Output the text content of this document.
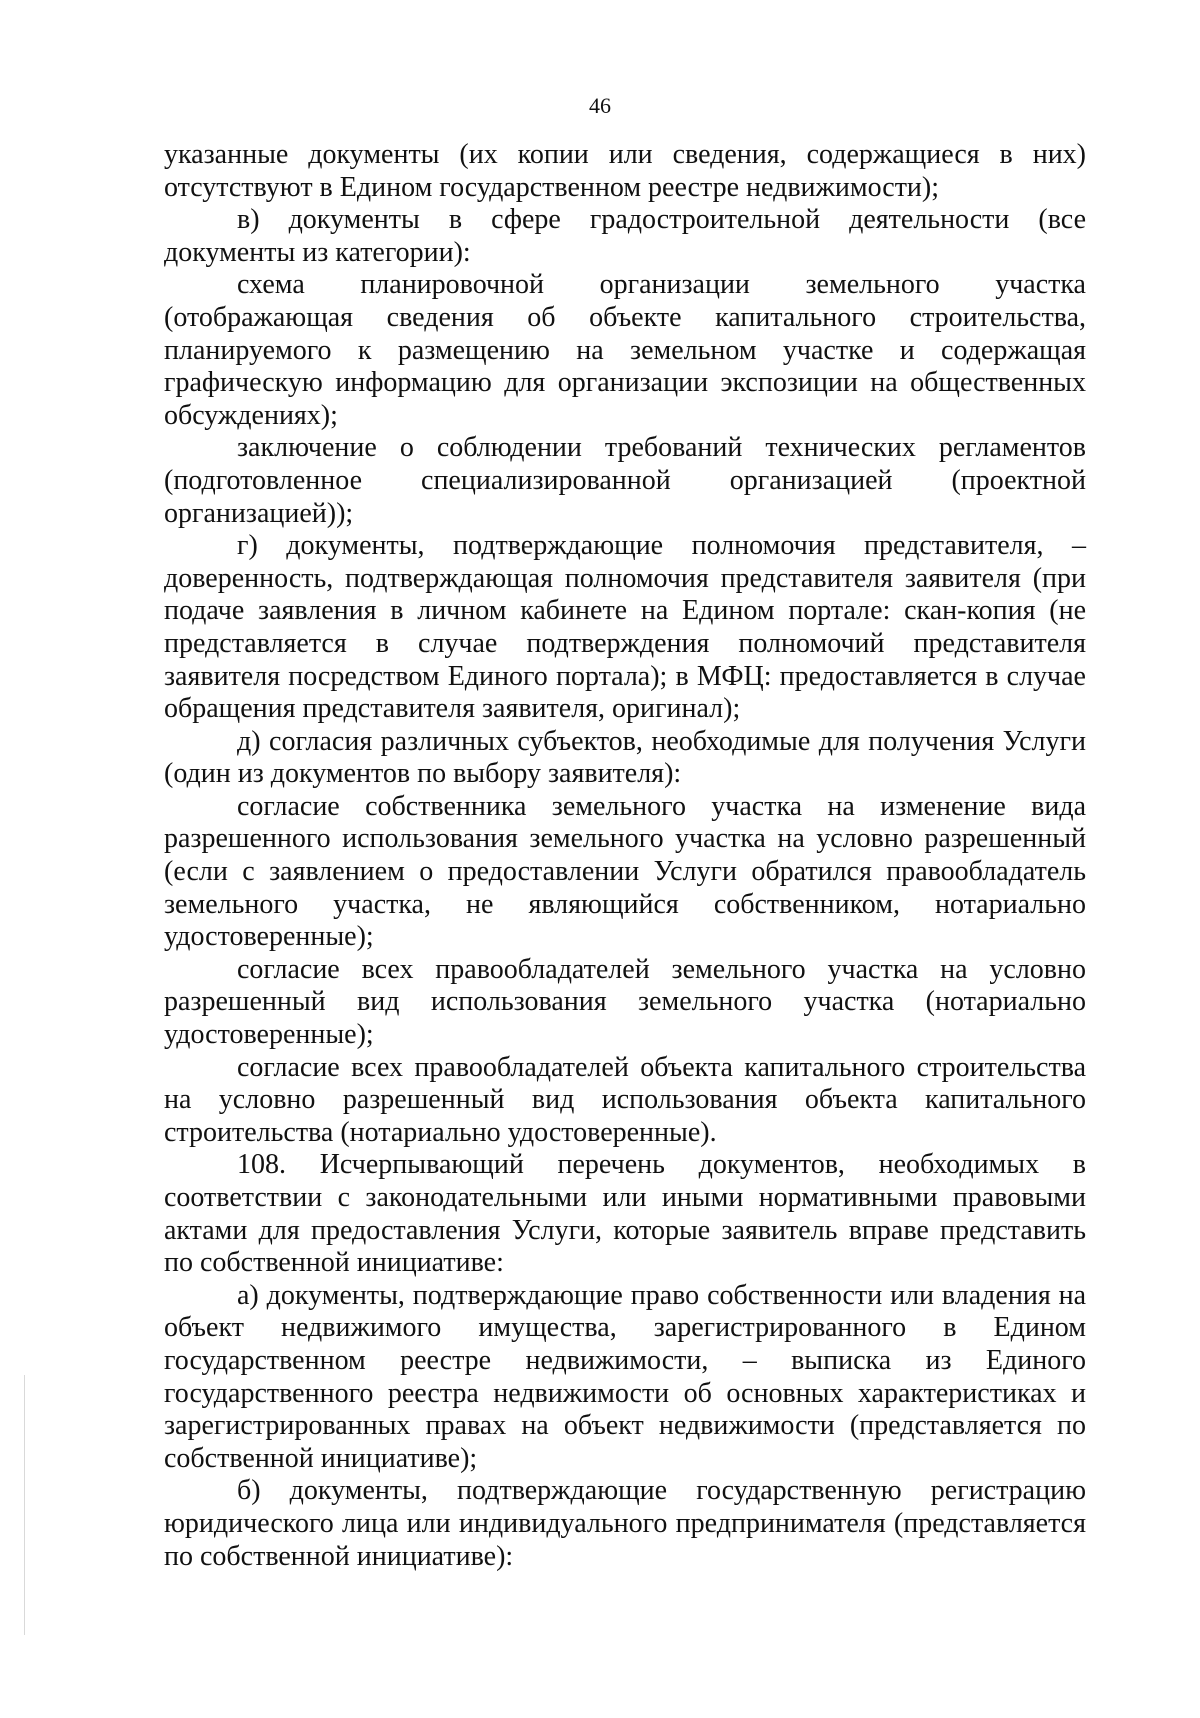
46

указанные документы (их копии или сведения, содержащиеся в них) отсутствуют в Едином государственном реестре недвижимости);

в) документы в сфере градостроительной деятельности (все документы из категории):

схема планировочной организации земельного участка (отображающая сведения об объекте капитального строительства, планируемого к размещению на земельном участке и содержащая графическую информацию для организации экспозиции на общественных обсуждениях);

заключение о соблюдении требований технических регламентов (подготовленное специализированной организацией (проектной организацией));

г) документы, подтверждающие полномочия представителя, – доверенность, подтверждающая полномочия представителя заявителя (при подаче заявления в личном кабинете на Едином портале: скан-копия (не представляется в случае подтверждения полномочий представителя заявителя посредством Единого портала); в МФЦ: предоставляется в случае обращения представителя заявителя, оригинал);

д) согласия различных субъектов, необходимые для получения Услуги (один из документов по выбору заявителя):

согласие собственника земельного участка на изменение вида разрешенного использования земельного участка на условно разрешенный (если с заявлением о предоставлении Услуги обратился правообладатель земельного участка, не являющийся собственником, нотариально удостоверенные);

согласие всех правообладателей земельного участка на условно разрешенный вид использования земельного участка (нотариально удостоверенные);

согласие всех правообладателей объекта капитального строительства на условно разрешенный вид использования объекта капитального строительства (нотариально удостоверенные).

108. Исчерпывающий перечень документов, необходимых в соответствии с законодательными или иными нормативными правовыми актами для предоставления Услуги, которые заявитель вправе представить по собственной инициативе:

а) документы, подтверждающие право собственности или владения на объект недвижимого имущества, зарегистрированного в Едином государственном реестре недвижимости, – выписка из Единого государственного реестра недвижимости об основных характеристиках и зарегистрированных правах на объект недвижимости (представляется по собственной инициативе);

б) документы, подтверждающие государственную регистрацию юридического лица или индивидуального предпринимателя (представляется по собственной инициативе):
